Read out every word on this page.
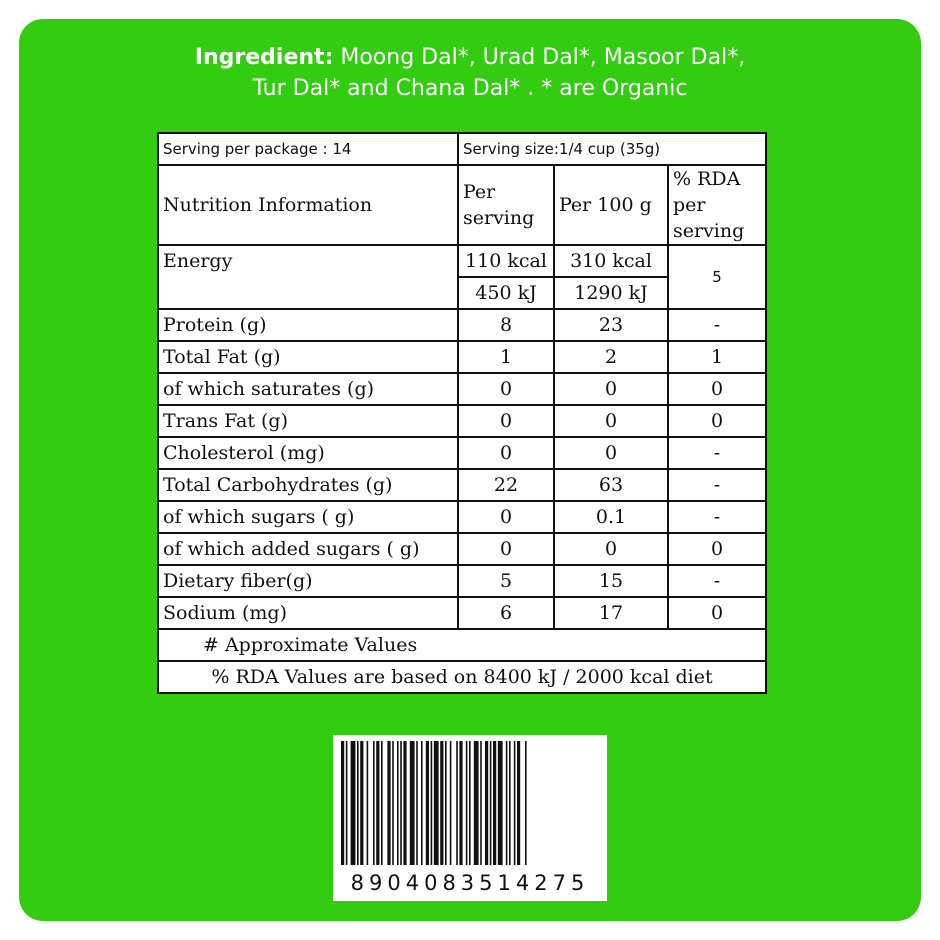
Ingredient: Moong Dal*, Urad Dal*, Masoor Dal*,
Tur Dal* and Chana Dal* . * are Organic
Serving per package : 14	Serving size:1/4 cup (35g)		
Nutrition Information	Per serving	Per 100 g	% RDA per serving
Energy	110 kcal	310 kcal	5
	450 kJ	1290 kJ	
Protein (g)	8	23	-
Total Fat (g)	1	2	1
of which saturates (g)	0	0	0
Trans Fat (g)	0	0	0
Cholesterol (mg)	0	0	-
Total Carbohydrates (g)	22	63	-
of which sugars ( g)	0	0.1	-
of which added sugars ( g)	0	0	0
Dietary fiber(g)	5	15	-
Sodium (mg)	6	17	0
# Approximate Values			
% RDA Values are based on 8400 kJ / 2000 kcal diet			
8904083514275
